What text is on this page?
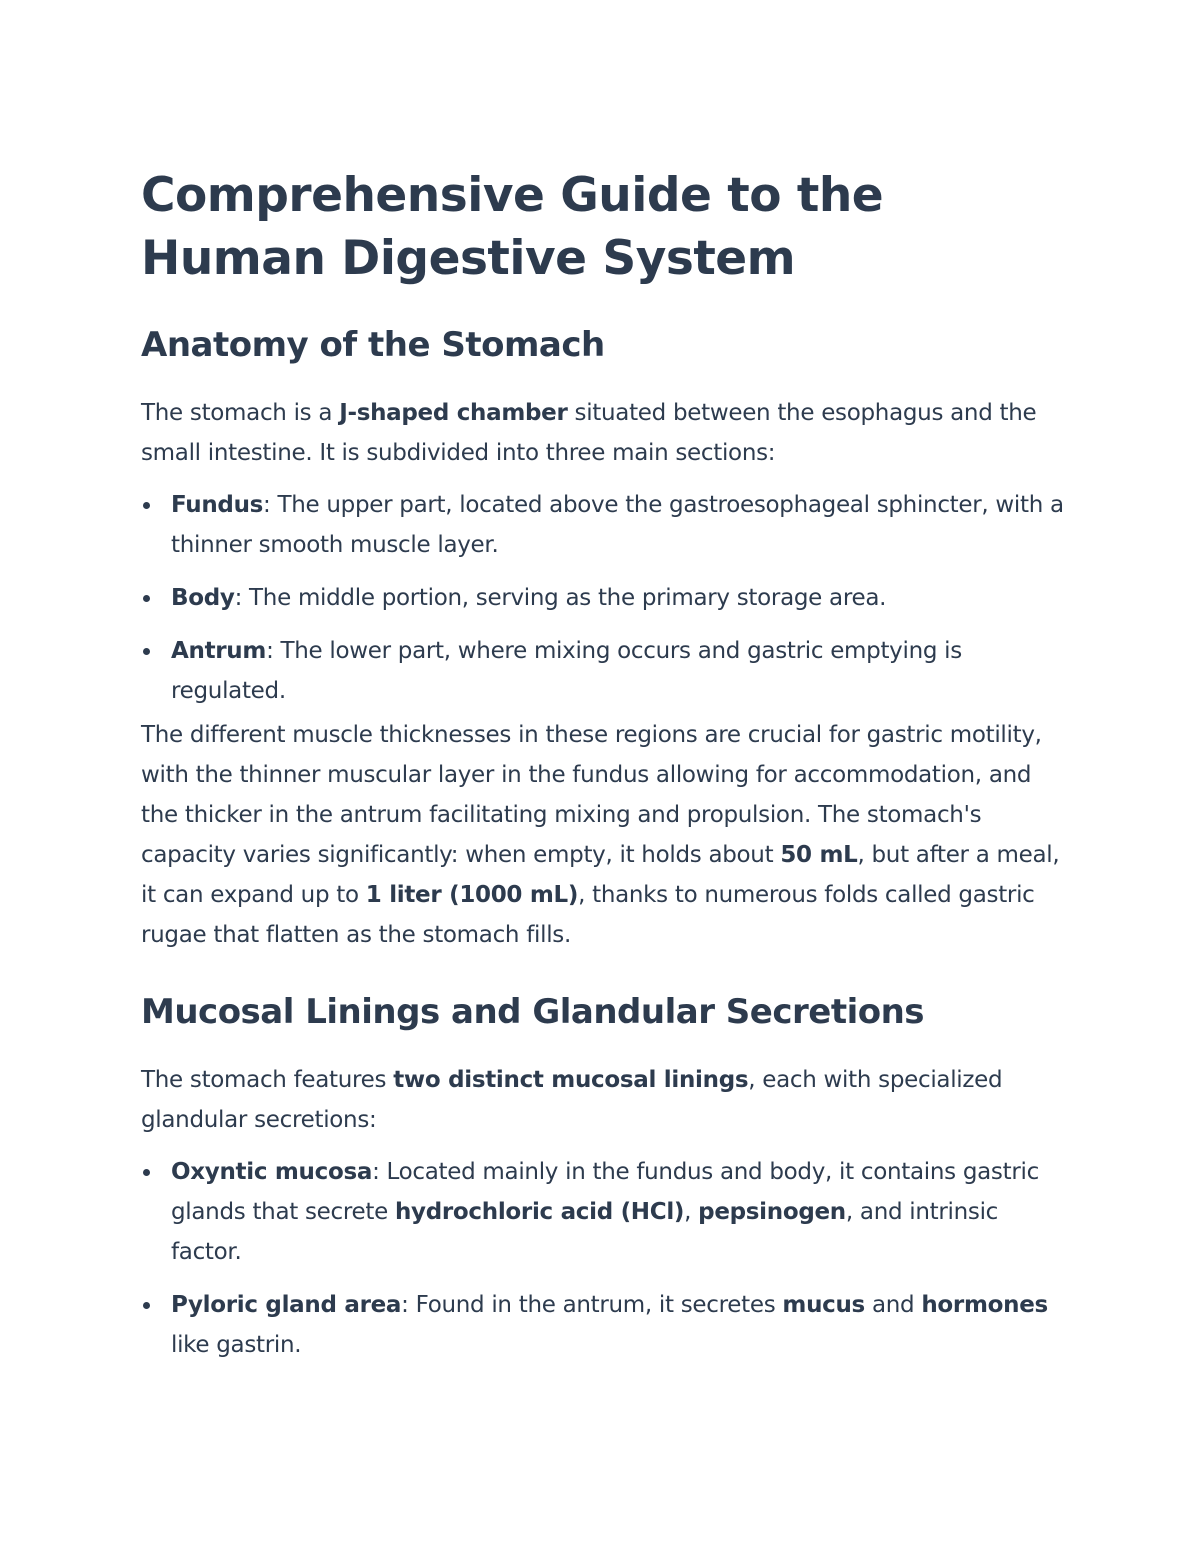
Comprehensive Guide to the Human Digestive System
Anatomy of the Stomach

The stomach is a J-shaped chamber situated between the esophagus and the small intestine. It is subdivided into three main sections:

Fundus: The upper part, located above the gastroesophageal sphincter, with a thinner smooth muscle layer.
Body: The middle portion, serving as the primary storage area.
Antrum: The lower part, where mixing occurs and gastric emptying is regulated.

The different muscle thicknesses in these regions are crucial for gastric motility, with the thinner muscular layer in the fundus allowing for accommodation, and the thicker in the antrum facilitating mixing and propulsion. The stomach's capacity varies significantly: when empty, it holds about 50 mL, but after a meal, it can expand up to 1 liter (1000 mL), thanks to numerous folds called gastric rugae that flatten as the stomach fills.

Mucosal Linings and Glandular Secretions

The stomach features two distinct mucosal linings, each with specialized glandular secretions:

Oxyntic mucosa: Located mainly in the fundus and body, it contains gastric glands that secrete hydrochloric acid (HCl), pepsinogen, and intrinsic factor.
Pyloric gland area: Found in the antrum, it secretes mucus and hormones like gastrin.
